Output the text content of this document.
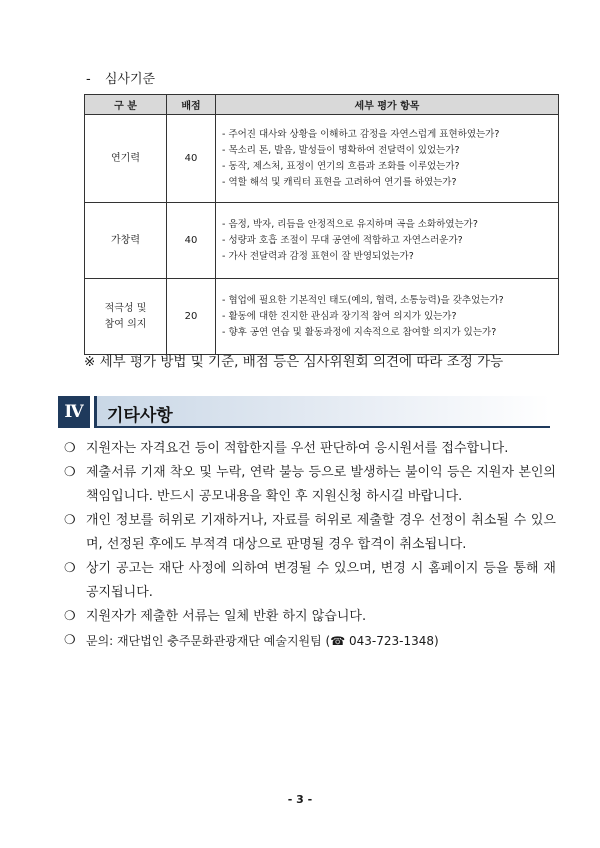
- 심사기준
구 분	배점	세부 평가 항목
연기력	40	- 주어진 대사와 상황을 이해하고 감정을 자연스럽게 표현하였는가?
- 목소리 톤, 발음, 발성들이 명확하여 전달력이 있었는가?
- 동작, 제스처, 표정이 연기의 흐름과 조화를 이루었는가?
- 역할 해석 및 캐릭터 표현을 고려하여 연기를 하였는가?

가창력	40	- 음정, 박자, 리듬을 안정적으로 유지하며 곡을 소화하였는가?
- 성량과 호흡 조절이 무대 공연에 적합하고 자연스러운가?
- 가사 전달력과 감정 표현이 잘 반영되었는가?

적극성 및 참여 의지	20	- 협업에 필요한 기본적인 태도(예의, 협력, 소통능력)을 갖추었는가?
- 활동에 대한 진지한 관심과 장기적 참여 의지가 있는가?
- 향후 공연 연습 및 활동과정에 지속적으로 참여할 의지가 있는가?
※ 세부 평가 방법 및 기준, 배점 등은 심사위원회 의견에 따라 조정 가능
Ⅳ	기타사항
❍ 지원자는 자격요건 등이 적합한지를 우선 판단하여 응시원서를 접수합니다.
❍ 제출서류 기재 착오 및 누락, 연락 불능 등으로 발생하는 불이익 등은 지원자 본인의 책임입니다. 반드시 공모내용을 확인 후 지원신청 하시길 바랍니다.
❍ 개인 정보를 허위로 기재하거나, 자료를 허위로 제출할 경우 선정이 취소될 수 있으며, 선정된 후에도 부적격 대상으로 판명될 경우 합격이 취소됩니다.
❍ 상기 공고는 재단 사정에 의하여 변경될 수 있으며, 변경 시 홈페이지 등을 통해 재공지됩니다.
❍ 지원자가 제출한 서류는 일체 반환 하지 않습니다.
❍ 문의: 재단법인 충주문화관광재단 예술지원팀 (☎ 043-723-1348)
- 3 -
